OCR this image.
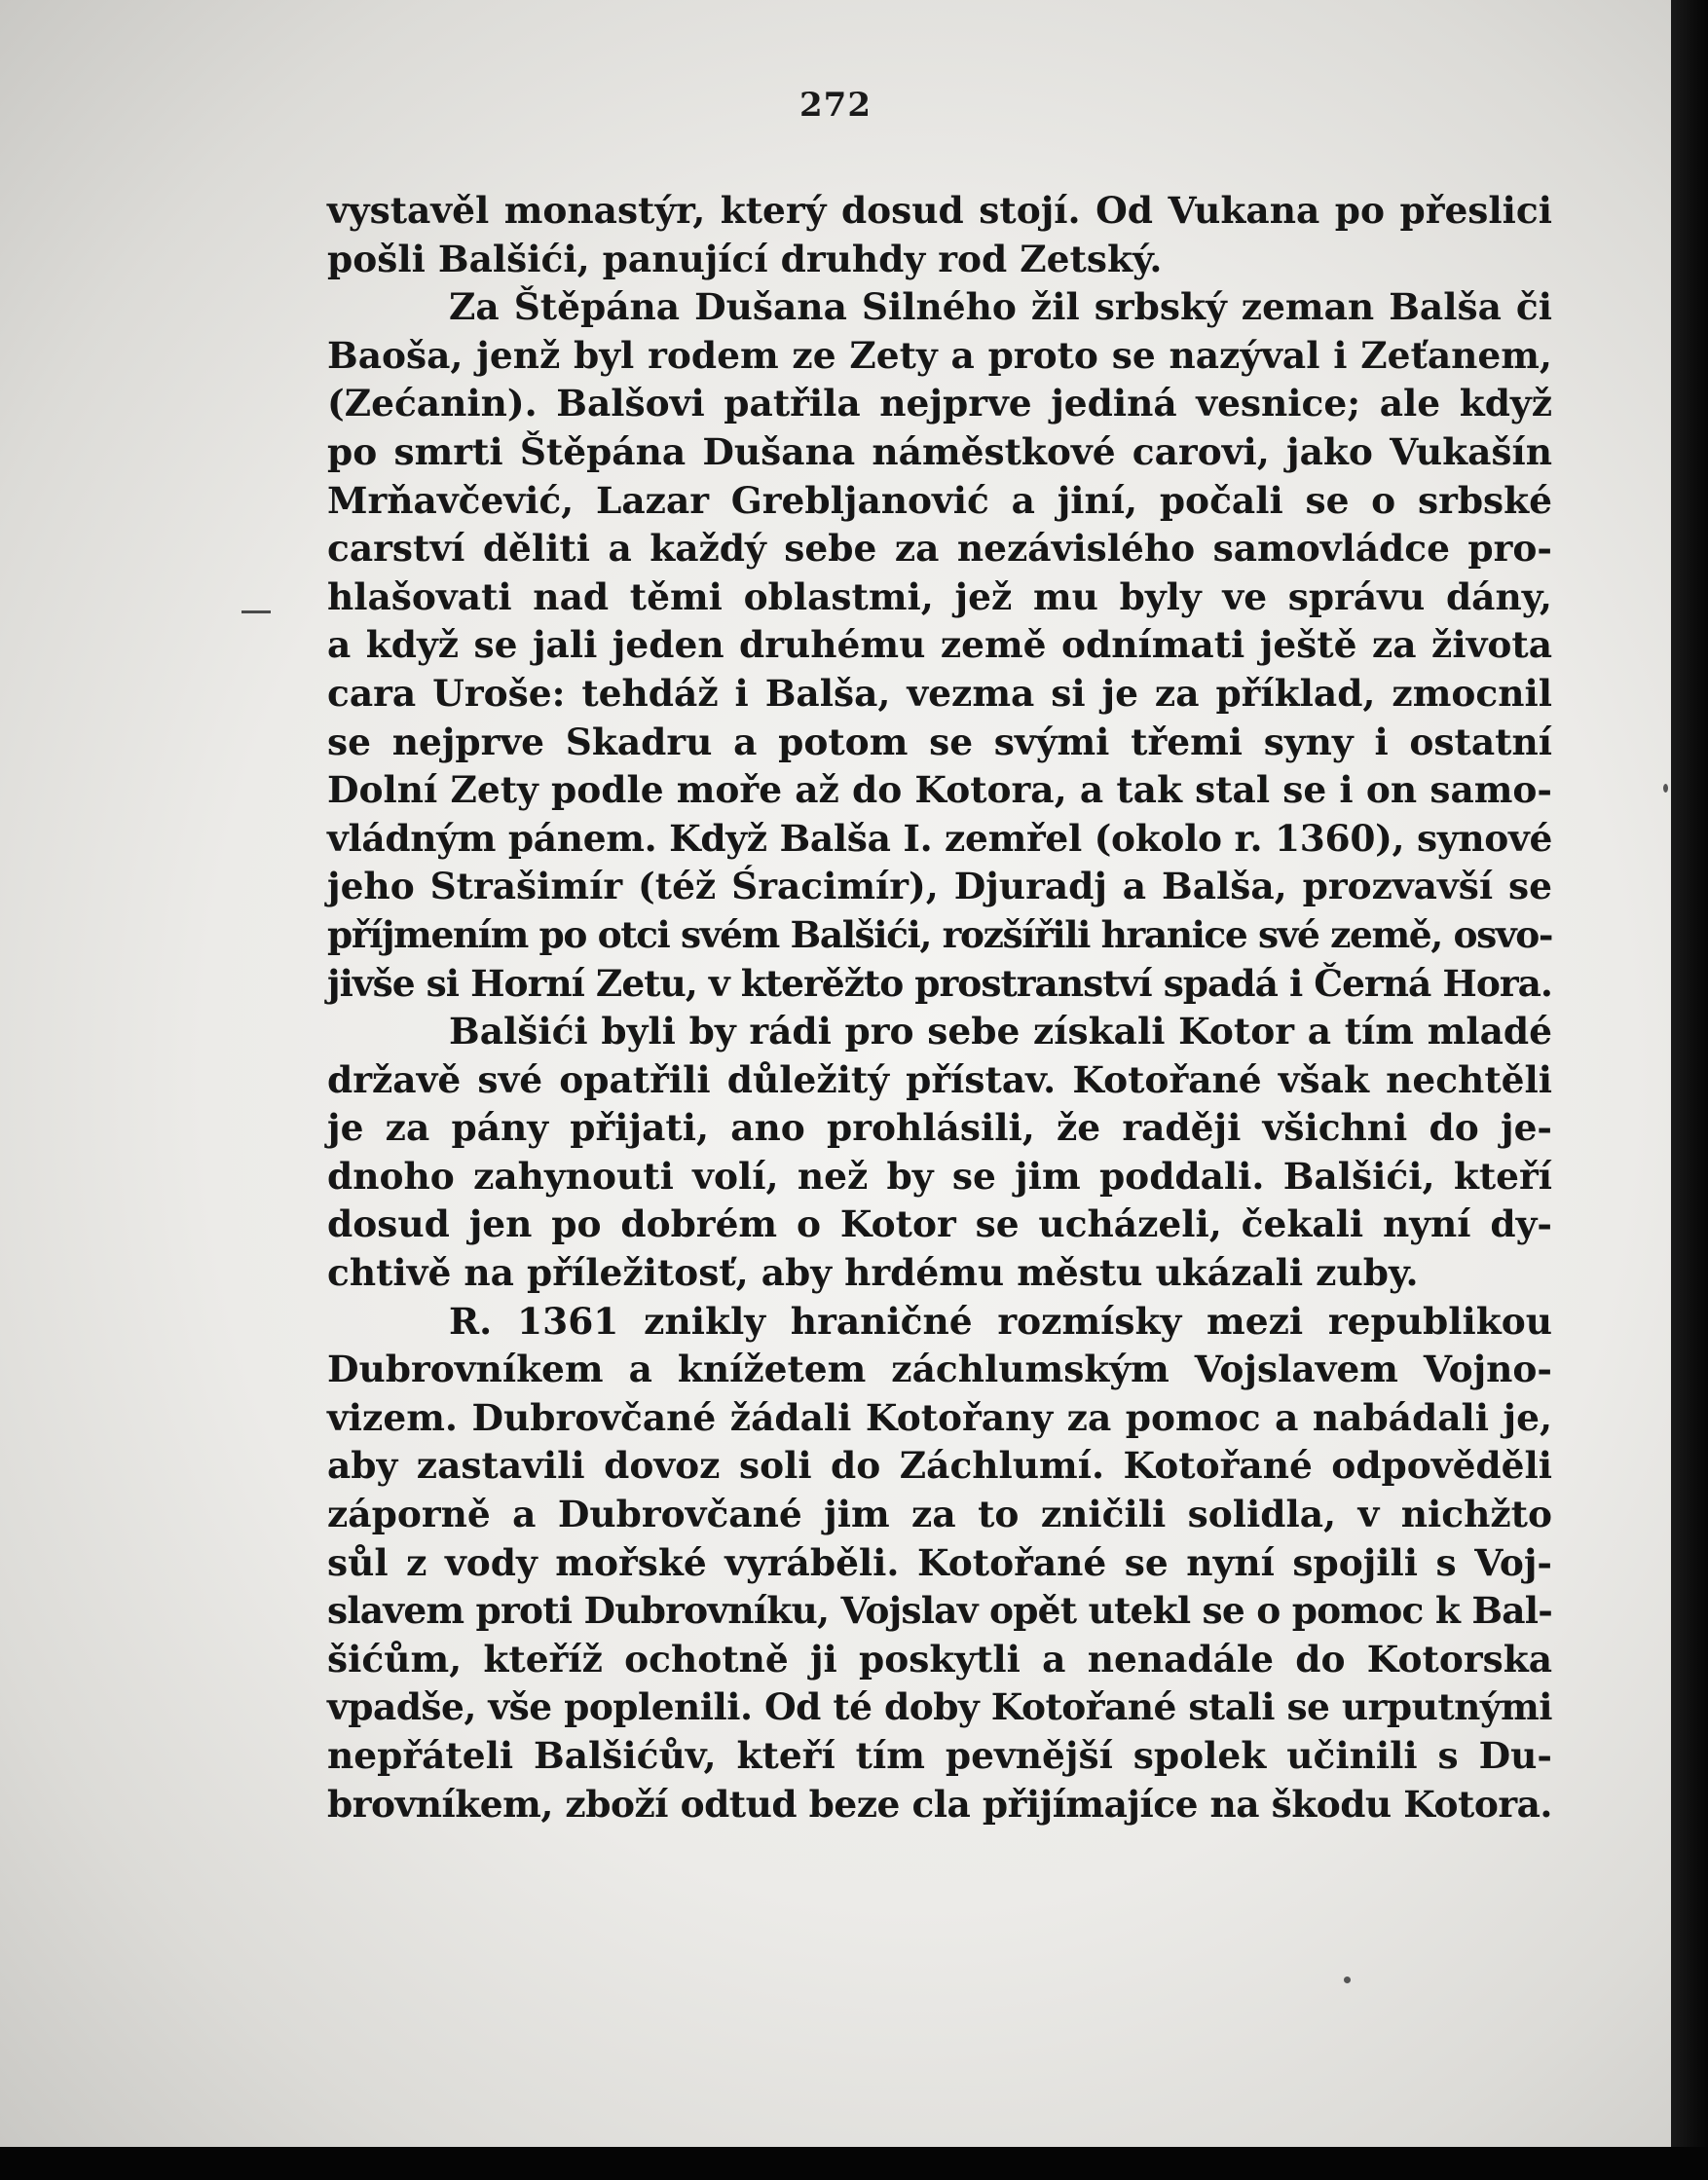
272
vystavěl monastýr, který dosud stojí. Od Vukana po přeslici
pošli Balšići, panující druhdy rod Zetský.
Za Štěpána Dušana Silného žil srbský zeman Balša či
Baoša, jenž byl rodem ze Zety a proto se nazýval i Zeťanem,
(Zećanin). Balšovi patřila nejprve jediná vesnice; ale když
po smrti Štěpána Dušana náměstkové carovi, jako Vukašín
Mrňavčević, Lazar Grebljanović a jiní, počali se o srbské
carství děliti a každý sebe za nezávislého samovládce pro-
hlašovati nad těmi oblastmi, jež mu byly ve správu dány,
a když se jali jeden druhému země odnímati ještě za života
cara Uroše: tehdáž i Balša, vezma si je za příklad, zmocnil
se nejprve Skadru a potom se svými třemi syny i ostatní
Dolní Zety podle moře až do Kotora, a tak stal se i on samo-
vládným pánem. Když Balša I. zemřel (okolo r. 1360), synové
jeho Strašimír (též Śracimír), Djuradj a Balša, prozvavší se
příjmením po otci svém Balšići, rozšířili hranice své země, osvo-
jivše si Horní Zetu, v kterěžto prostranství spadá i Černá Hora.
Balšići byli by rádi pro sebe získali Kotor a tím mladé
državě své opatřili důležitý přístav. Kotořané však nechtěli
je za pány přijati, ano prohlásili, že raději všichni do je-
dnoho zahynouti volí, než by se jim poddali. Balšići, kteří
dosud jen po dobrém o Kotor se ucházeli, čekali nyní dy-
chtivě na příležitosť, aby hrdému městu ukázali zuby.
R. 1361 znikly hraničné rozmísky mezi republikou
Dubrovníkem a knížetem záchlumským Vojslavem Vojno-
vizem. Dubrovčané žádali Kotořany za pomoc a nabádali je,
aby zastavili dovoz soli do Záchlumí. Kotořané odpověděli
záporně a Dubrovčané jim za to zničili solidla, v nichžto
sůl z vody mořské vyráběli. Kotořané se nyní spojili s Voj-
slavem proti Dubrovníku, Vojslav opět utekl se o pomoc k Bal-
šićům, kteříž ochotně ji poskytli a nenadále do Kotorska
vpadše, vše poplenili. Od té doby Kotořané stali se urputnými
nepřáteli Balšićův, kteří tím pevnější spolek učinili s Du-
brovníkem, zboží odtud beze cla přijímajíce na škodu Kotora.
